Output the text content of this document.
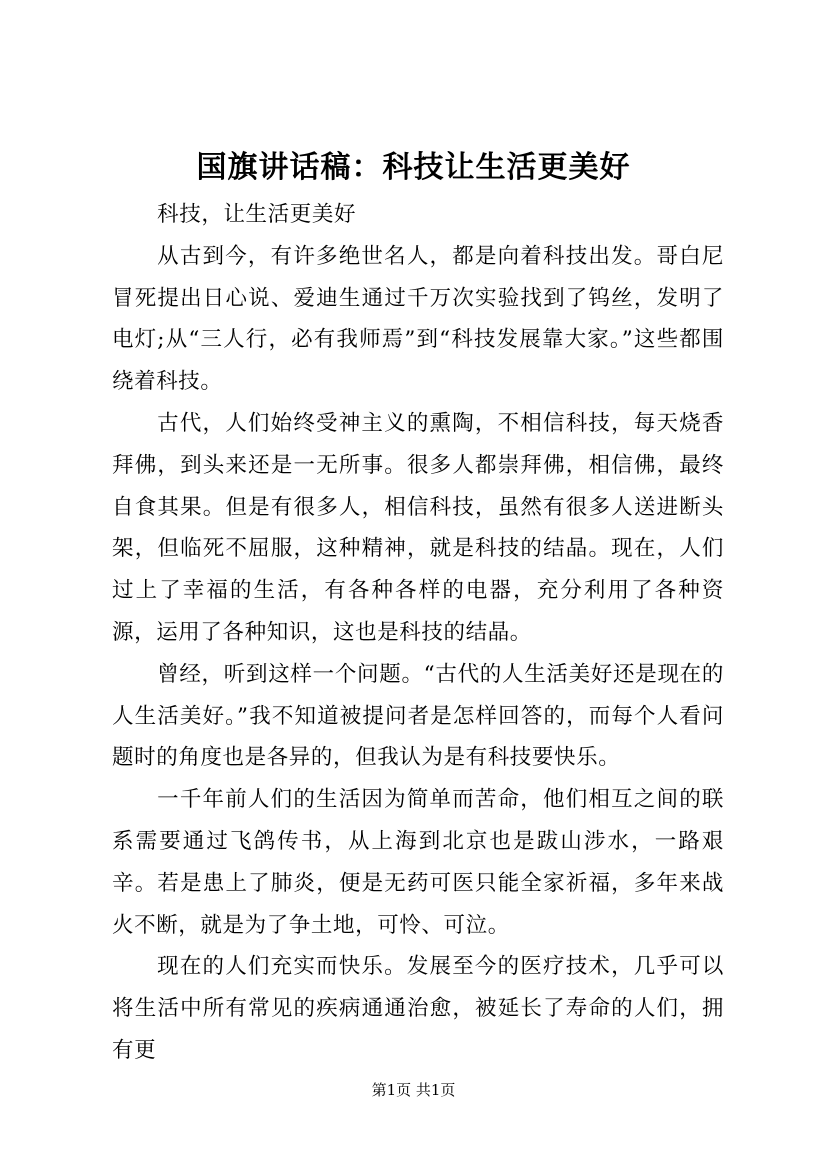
国旗讲话稿：科技让生活更美好

科技，让生活更美好

从古到今，有许多绝世名人，都是向着科技出发。哥白尼冒死提出日心说、爱迪生通过千万次实验找到了钨丝，发明了电灯;从“三人行，必有我师焉”到“科技发展靠大家。”这些都围绕着科技。

古代，人们始终受神主义的熏陶，不相信科技，每天烧香拜佛，到头来还是一无所事。很多人都崇拜佛，相信佛，最终自食其果。但是有很多人，相信科技，虽然有很多人送进断头架，但临死不屈服，这种精神，就是科技的结晶。现在，人们过上了幸福的生活，有各种各样的电器，充分利用了各种资源，运用了各种知识，这也是科技的结晶。

曾经，听到这样一个问题。“古代的人生活美好还是现在的人生活美好。”我不知道被提问者是怎样回答的，而每个人看问题时的角度也是各异的，但我认为是有科技要快乐。

一千年前人们的生活因为简单而苦命，他们相互之间的联系需要通过飞鸽传书，从上海到北京也是跋山涉水，一路艰辛。若是患上了肺炎，便是无药可医只能全家祈福，多年来战火不断，就是为了争土地，可怜、可泣。

现在的人们充实而快乐。发展至今的医疗技术，几乎可以将生活中所有常见的疾病通通治愈，被延长了寿命的人们，拥有更

第1页 共1页
